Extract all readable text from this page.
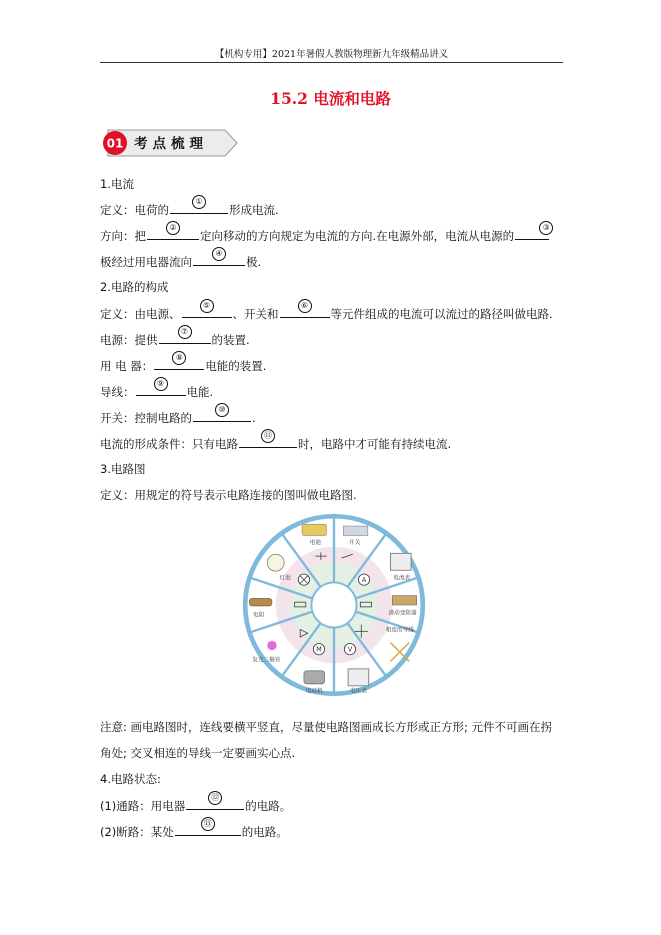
【机构专用】2021年暑假人教版物理新九年级精品讲义
15.2 电流和电路
01 考点梳理
1.电流
定义：电荷的
①
形成电流.
方向：把
②
定向移动的方向规定为电流的方向.在电源外部，电流从电源的
③
极经过用电器流向
④
极.
2.电路的构成
定义：由电源、
⑤
、开关和
⑥
等元件组成的电流可以流过的路径叫做电路.
电源：提供
⑦
的装置.
用 电 器：
⑧
电能的装置.
导线：
⑨
电能.
开关：控制电路的
⑩
.
电流的形成条件：只有电路
⑪
时，电路中才可能有持续电流.
3.电路图
定义：用规定的符号表示电路连接的图叫做电路图.
电池	开关
电流表
滑动变阻器
相连的导线
电压表
电动机
发光二极管
电阻
灯泡	A
V
M
注意: 画电路图时，连线要横平竖直，尽量使电路图画成长方形或正方形; 元件不可画在拐
角处; 交叉相连的导线一定要画实心点.
4.电路状态:
(1)通路：用电器
⑫
的电路。
(2)断路：某处
⑬
的电路。
